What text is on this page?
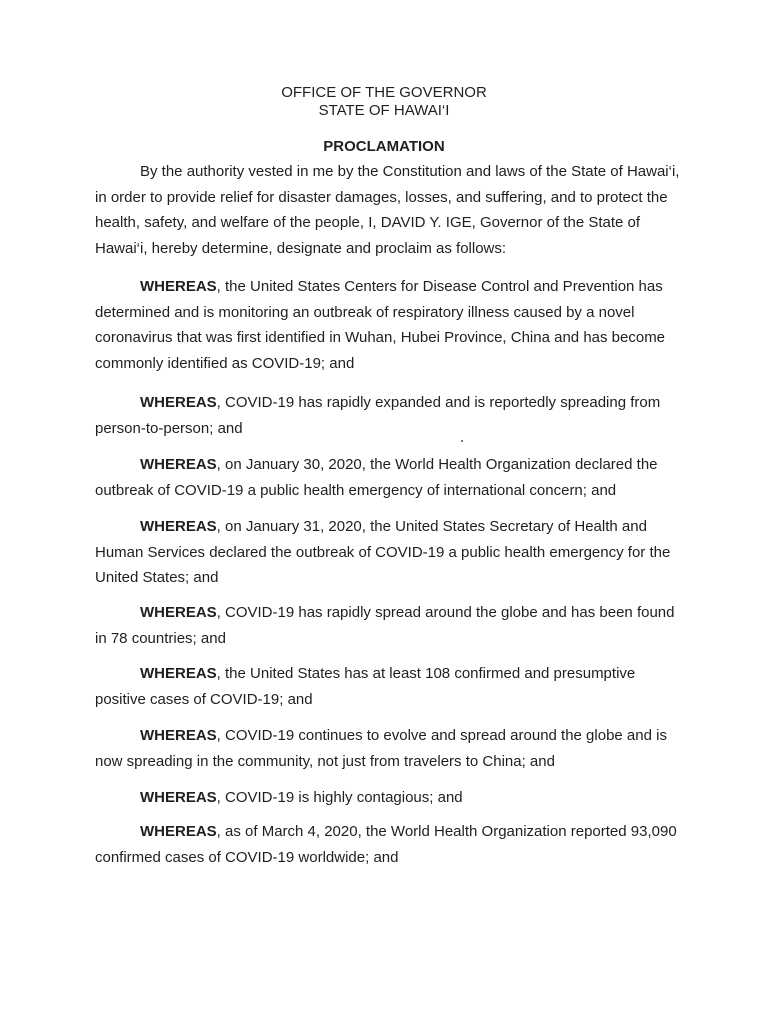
OFFICE OF THE GOVERNOR
STATE OF HAWAI‘I
PROCLAMATION

By the authority vested in me by the Constitution and laws of the State of Hawai‘i, in order to provide relief for disaster damages, losses, and suffering, and to protect the health, safety, and welfare of the people, I, DAVID Y. IGE, Governor of the State of Hawai‘i, hereby determine, designate and proclaim as follows:

WHEREAS, the United States Centers for Disease Control and Prevention has determined and is monitoring an outbreak of respiratory illness caused by a novel coronavirus that was first identified in Wuhan, Hubei Province, China and has become commonly identified as COVID-19; and

WHEREAS, COVID-19 has rapidly expanded and is reportedly spreading from person-to-person; and

WHEREAS, on January 30, 2020, the World Health Organization declared the outbreak of COVID-19 a public health emergency of international concern; and

WHEREAS, on January 31, 2020, the United States Secretary of Health and Human Services declared the outbreak of COVID-19 a public health emergency for the United States; and

WHEREAS, COVID-19 has rapidly spread around the globe and has been found in 78 countries; and

WHEREAS, the United States has at least 108 confirmed and presumptive positive cases of COVID-19; and

WHEREAS, COVID-19 continues to evolve and spread around the globe and is now spreading in the community, not just from travelers to China; and

WHEREAS, COVID-19 is highly contagious; and

WHEREAS, as of March 4, 2020, the World Health Organization reported 93,090 confirmed cases of COVID-19 worldwide; and
